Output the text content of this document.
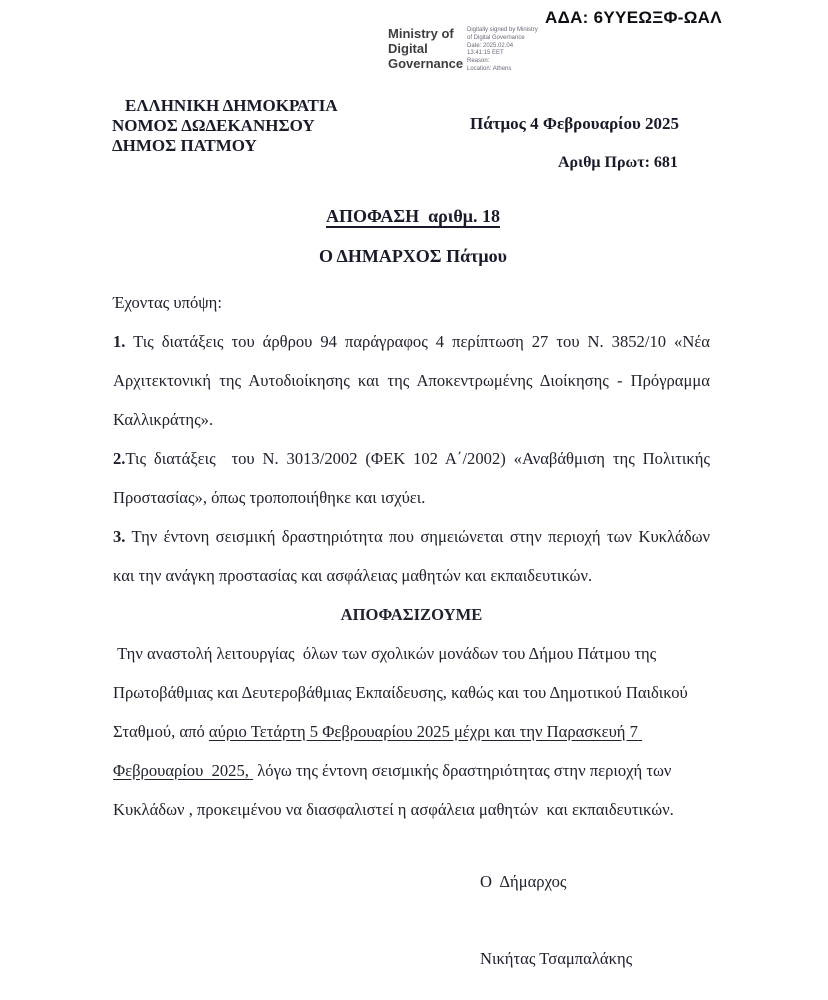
ΑΔΑ: 6ΥΥΕΩΞΦ-ΩΑΛ
Ministry of
Digital
Governance
Digitally signed by Ministry
of Digital Governance
Date: 2025.02.04
13:41:15 EET
Reason:
Location: Athens
ΕΛΛΗΝΙΚΗ ΔΗΜΟΚΡΑΤΙΑ
ΝΟΜΟΣ ΔΩΔΕΚΑΝΗΣΟΥ
ΔΗΜΟΣ ΠΑΤΜΟΥ
Πάτμος 4 Φεβρουαρίου 2025
Αριθμ Πρωτ: 681
ΑΠΟΦΑΣΗ  αριθμ. 18
Ο ΔΗΜΑΡΧΟΣ Πάτμου

Έχοντας υπόψη:

1. Τις διατάξεις του άρθρου 94 παράγραφος 4 περίπτωση 27 του Ν. 3852/10 «Νέα Αρχιτεκτονική της Αυτοδιοίκησης και της Αποκεντρωμένης Διοίκησης - Πρόγραμμα Καλλικράτης».

2.Τις διατάξεις  του Ν. 3013/2002 (ΦΕΚ 102 Α΄/2002) «Αναβάθμιση της Πολιτικής Προστασίας», όπως τροποποιήθηκε και ισχύει.

3. Την έντονη σεισμική δραστηριότητα που σημειώνεται στην περιοχή των Κυκλάδων  και την ανάγκη προστασίας και ασφάλειας μαθητών και εκπαιδευτικών.

ΑΠΟΦΑΣΙΖΟΥΜΕ

Την αναστολή λειτουργίας  όλων των σχολικών μονάδων του Δήμου Πάτμου της Πρωτοβάθμιας και Δευτεροβάθμιας Εκπαίδευσης, καθώς και του Δημοτικού Παιδικού Σταθμού, από αύριο Τετάρτη 5 Φεβρουαρίου 2025 μέχρι και την Παρασκευή 7 Φεβρουαρίου  2025,  λόγω της έντονη σεισμικής δραστηριότητας στην περιοχή των Κυκλάδων , προκειμένου να διασφαλιστεί η ασφάλεια μαθητών  και εκπαιδευτικών.

Ο  Δήμαρχος
Νικήτας Τσαμπαλάκης
